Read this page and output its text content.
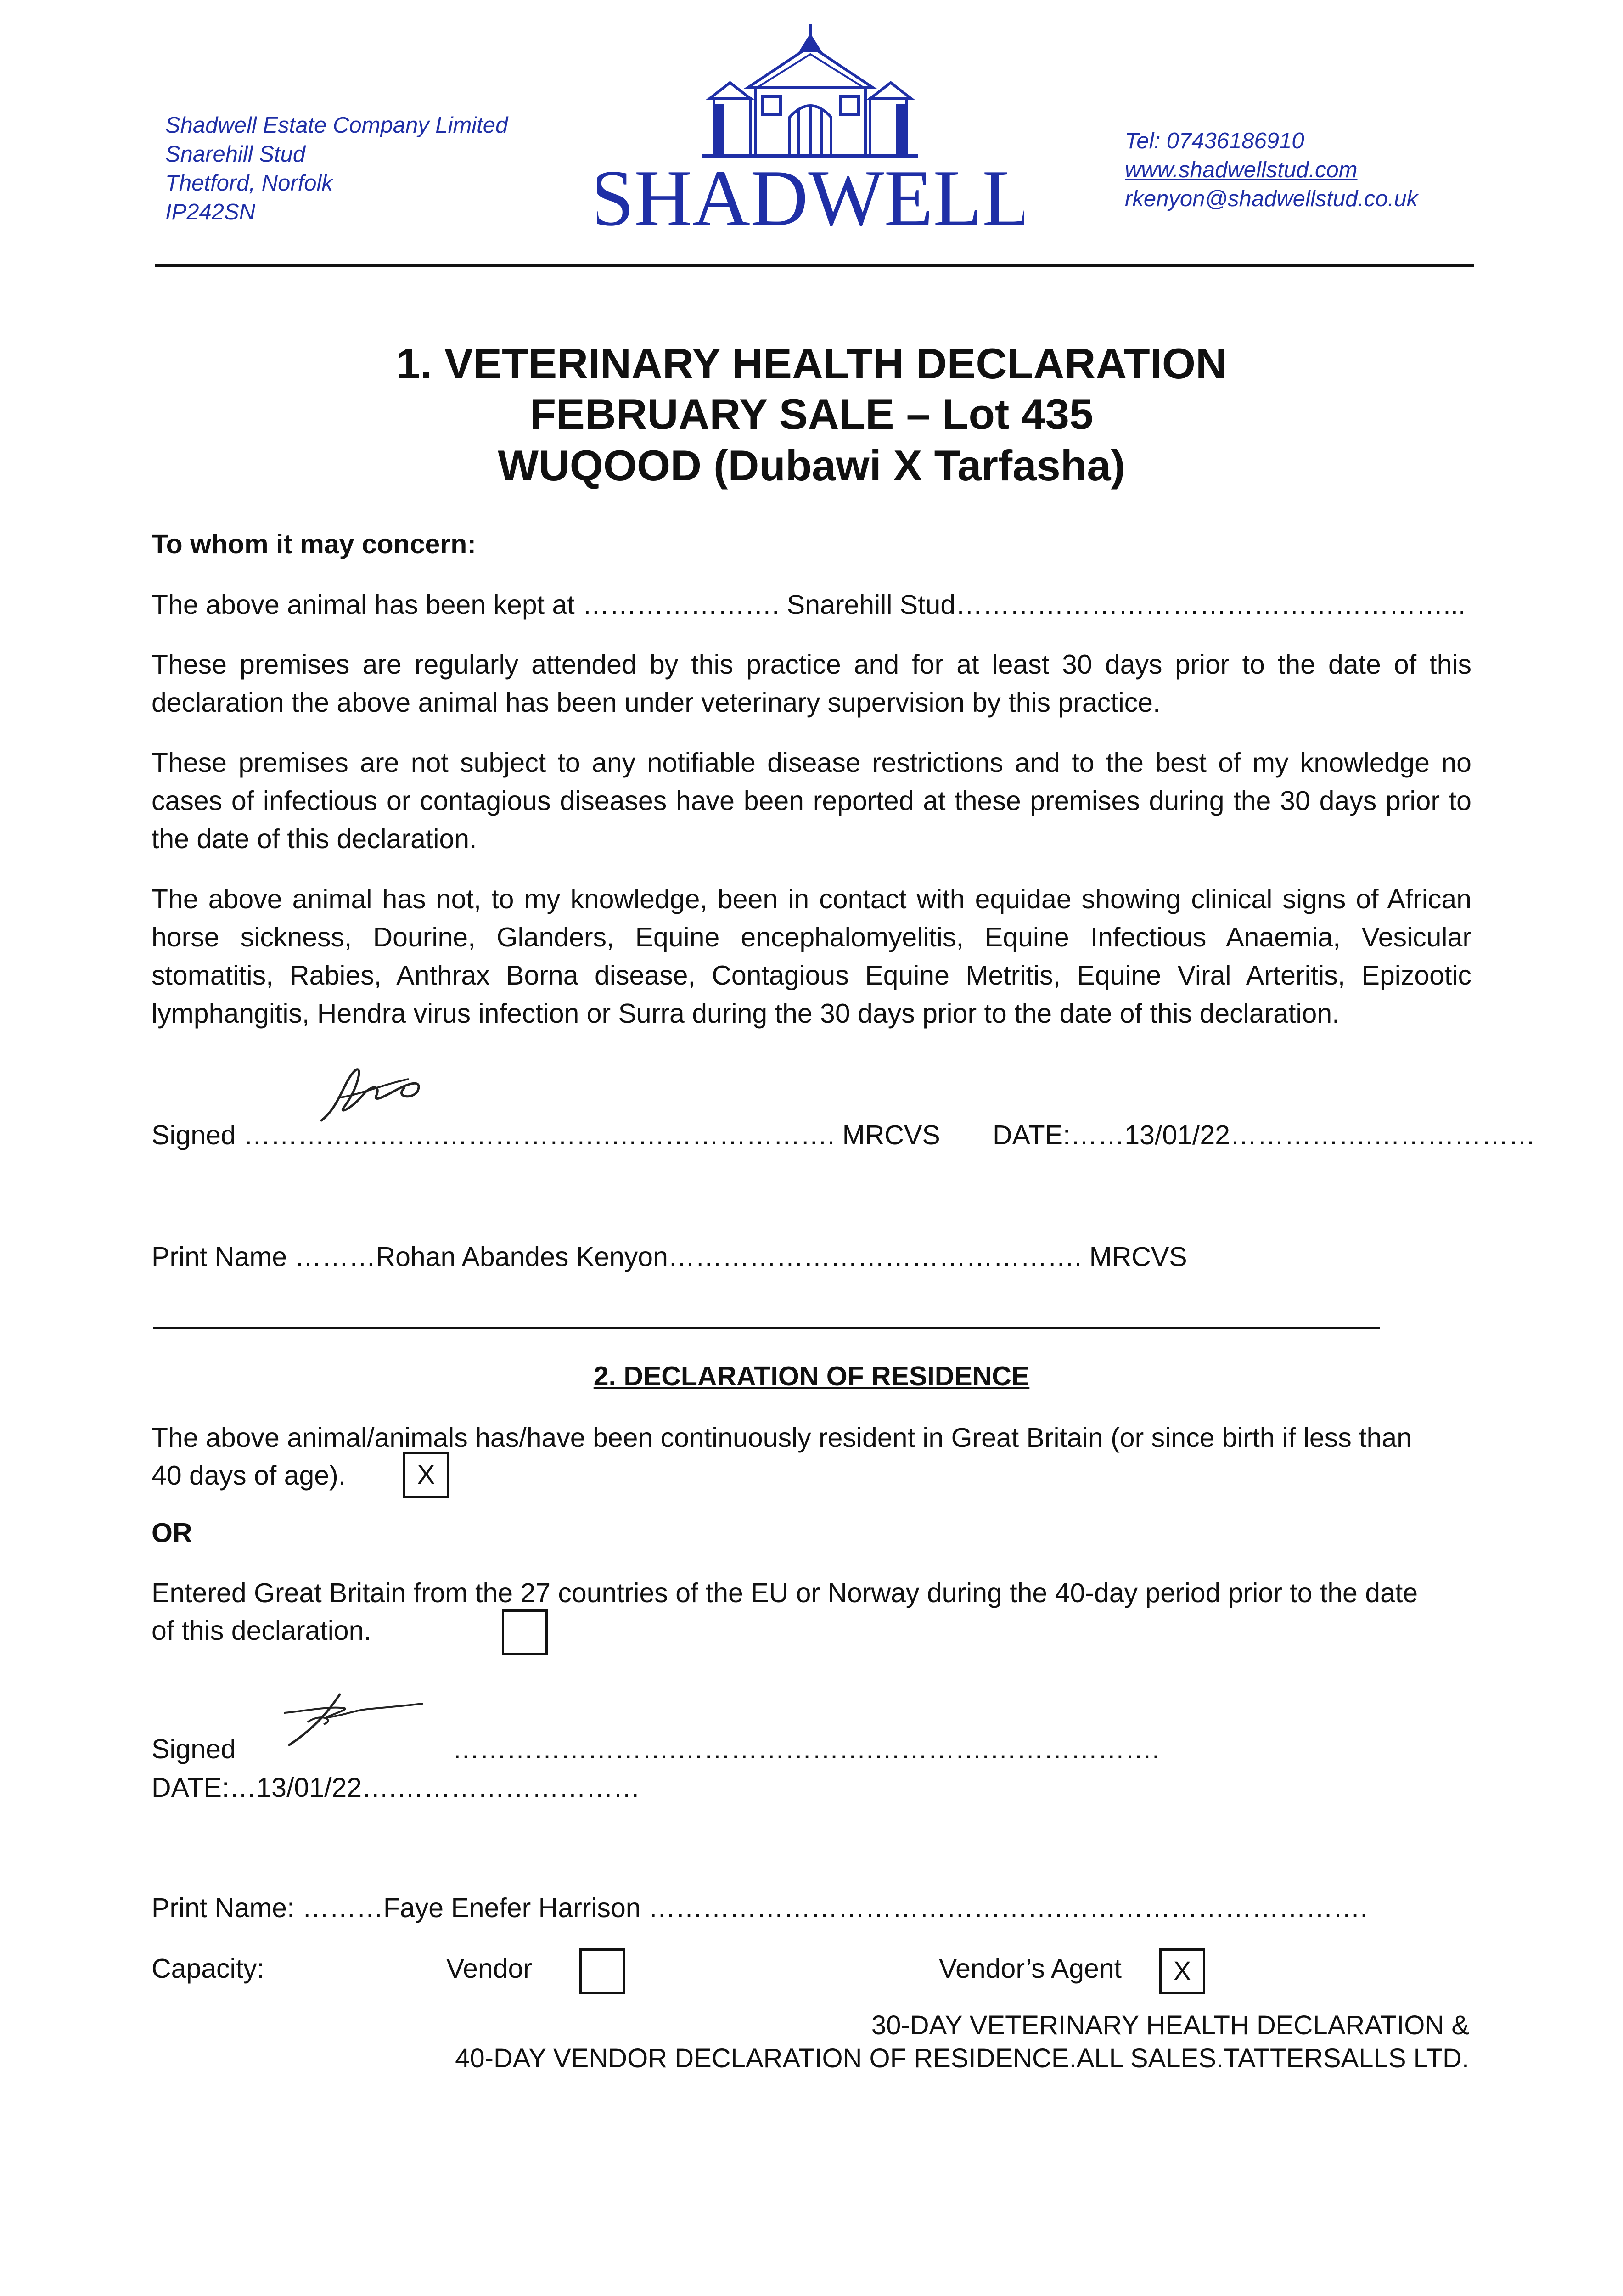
Shadwell Estate Company Limited
Snarehill Stud
Thetford, Norfolk
IP242SN	SHADWELL
Tel: 07436186910
www.shadwellstud.com
rkenyon@shadwellstud.co.uk
1. VETERINARY HEALTH DECLARATION
FEBRUARY SALE – Lot 435
WUQOOD (Dubawi X Tarfasha)
To whom it may concern:
The above animal has been kept at …………………. Snarehill Stud………………………………………………...
These premises are regularly attended by this practice and for at least 30 days prior to the date of this declaration the above animal has been under veterinary supervision by this practice.
These premises are not subject to any notifiable disease restrictions and to the best of my knowledge no cases of infectious or contagious diseases have been reported at these premises during the 30 days prior to the date of this declaration.
The above animal has not, to my knowledge, been in contact with equidae showing clinical signs of African horse sickness, Dourine, Glanders, Equine encephalomyelitis, Equine Infectious Anaemia, Vesicular stomatitis, Rabies, Anthrax Borna disease, Contagious Equine Metritis, Equine Viral Arteritis, Epizootic lymphangitis, Hendra virus infection or Surra during the 30 days prior to the date of this declaration.
Signed ………………….……………….……………………. MRCVS DATE:……13/01/22…………….………………
Print Name ………Rohan Abandes Kenyon………………………………………. MRCVS
2. DECLARATION OF RESIDENCE
The above animal/animals has/have been continuously resident in Great Britain (or since birth if less than
40 days of age).	X
OR
Entered Great Britain from the 27 countries of the EU or Norway during the 40-day period prior to the date
of this declaration.
Signed	…………………….………………….………….……………….
DATE:…13/01/22….………………………
Print Name: ………Faye Enefer Harrison ……………………………………….…………………………….
Capacity:	Vendor	Vendor’s Agent	X
30-DAY VETERINARY HEALTH DECLARATION &
40-DAY VENDOR DECLARATION OF RESIDENCE.ALL SALES.TATTERSALLS LTD.
